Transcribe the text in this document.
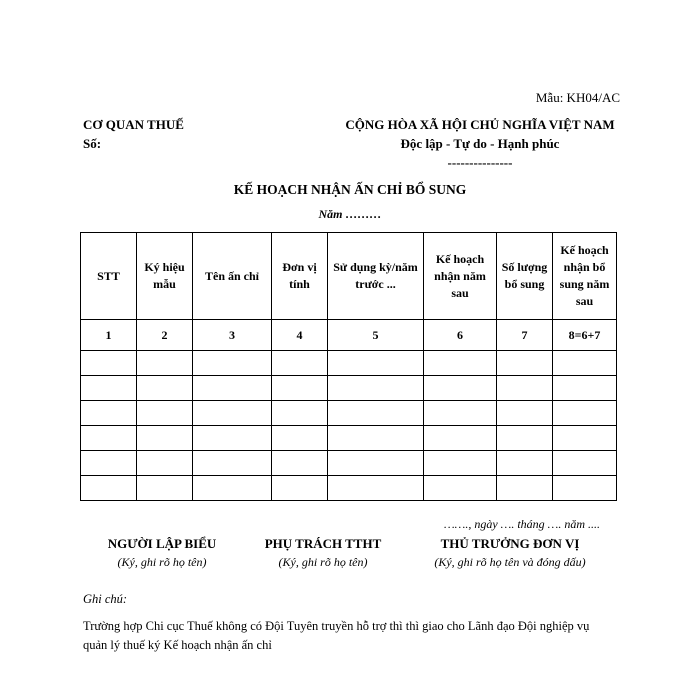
Mẫu: KH04/AC
CƠ QUAN THUẾ
Số:
CỘNG HÒA XÃ HỘI CHỦ NGHĨA VIỆT NAM
Độc lập - Tự do - Hạnh phúc
---------------
KẾ HOẠCH NHẬN ẤN CHỈ BỔ SUNG
Năm ………
STT	Ký hiệu mẫu	Tên ấn chỉ	Đơn vị tính	Sử dụng kỳ/năm trước ...	Kế hoạch nhận năm sau	Số lượng bổ sung	Kế hoạch nhận bổ sung năm sau
1	2	3	4	5	6	7	8=6+7

……., ngày …. tháng …. năm ....
NGƯỜI LẬP BIỂU
(Ký, ghi rõ họ tên)
PHỤ TRÁCH TTHT
(Ký, ghi rõ họ tên)
THỦ TRƯỞNG ĐƠN VỊ
(Ký, ghi rõ họ tên và đóng dấu)
Ghi chú:
Trường hợp Chi cục Thuế không có Đội Tuyên truyền hỗ trợ thì thì giao cho Lãnh đạo Đội nghiệp vụ quản lý thuế ký Kế hoạch nhận ấn chỉ
